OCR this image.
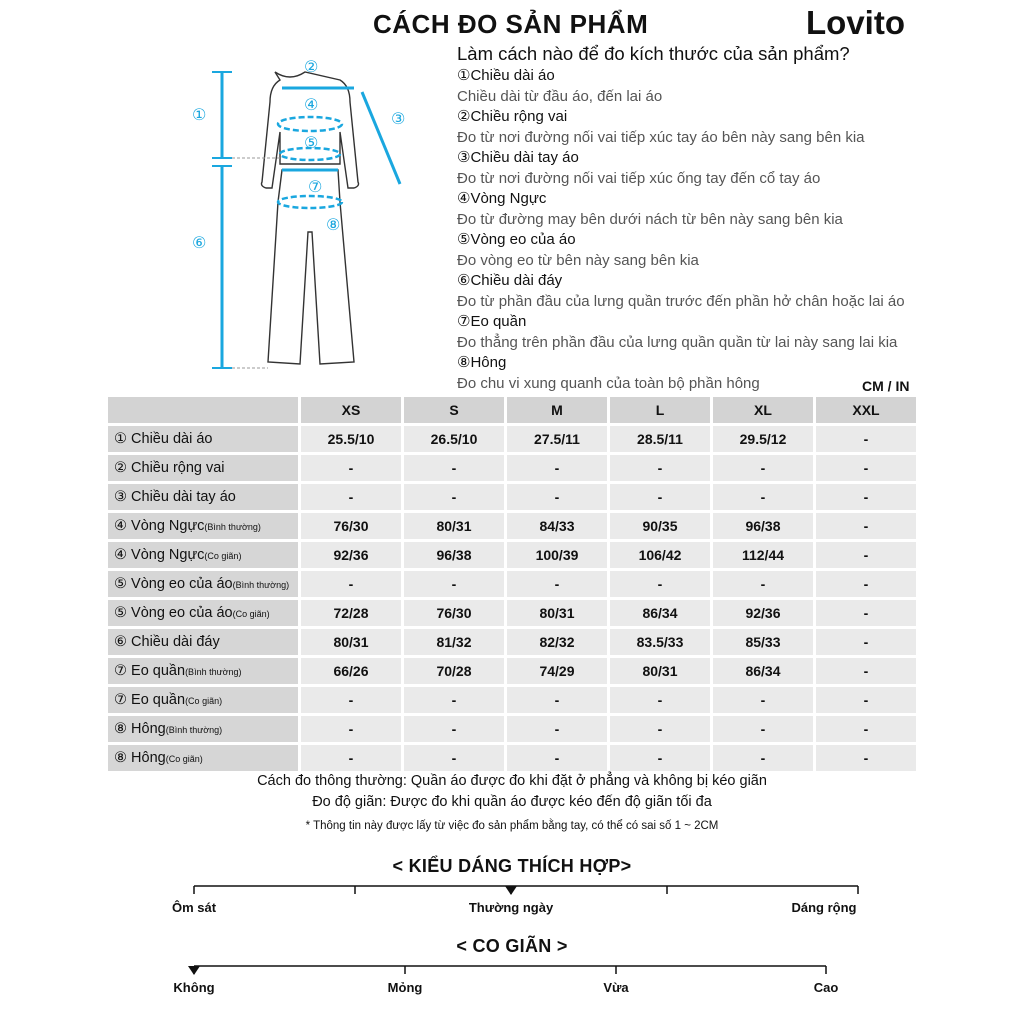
CÁCH ĐO SẢN PHẨM	Lovito
①
②
③
④
⑤
⑥
⑦
⑧
Làm cách nào để đo kích thước của sản phẩm?
①Chiều dài áo
Chiều dài từ đầu áo, đến lai áo
②Chiều rộng vai
Đo từ nơi đường nối vai tiếp xúc tay áo bên này sang bên kia
③Chiều dài tay áo
Đo từ nơi đường nối vai tiếp xúc ống tay đến cổ tay áo
④Vòng Ngực
Đo từ đường may bên dưới nách từ bên này sang bên kia
⑤Vòng eo của áo
Đo vòng eo từ bên này sang bên kia
⑥Chiều dài đáy
Đo từ phần đầu của lưng quần trước đến phần hở chân hoặc lai áo
⑦Eo quần
Đo thẳng trên phần đầu của lưng quần quần từ lai này sang lai kia
⑧Hông
Đo chu vi xung quanh của toàn bộ phần hông	CM / IN
	XS	S	M	L	XL	XXL
① Chiều dài áo	25.5/10	26.5/10	27.5/11	28.5/11	29.5/12	-
② Chiều rộng vai	-	-	-	-	-	-
③ Chiều dài tay áo	-	-	-	-	-	-
④ Vòng Ngực(Bình thường)	76/30	80/31	84/33	90/35	96/38	-
④ Vòng Ngực(Co giãn)	92/36	96/38	100/39	106/42	112/44	-
⑤ Vòng eo của áo(Bình thường)	-	-	-	-	-	-
⑤ Vòng eo của áo(Co giãn)	72/28	76/30	80/31	86/34	92/36	-
⑥ Chiều dài đáy	80/31	81/32	82/32	83.5/33	85/33	-
⑦ Eo quần(Bình thường)	66/26	70/28	74/29	80/31	86/34	-
⑦ Eo quần(Co giãn)	-	-	-	-	-	-
⑧ Hông(Bình thường)	-	-	-	-	-	-
⑧ Hông(Co giãn)	-	-	-	-	-	-
Cách đo thông thường: Quần áo được đo khi đặt ở phẳng và không bị kéo giãn
Đo độ giãn: Được đo khi quần áo được kéo đến độ giãn tối đa
* Thông tin này được lấy từ việc đo sản phẩm bằng tay, có thể có sai số 1 ~ 2CM
< KIỂU DÁNG THÍCH HỢP>
Ôm sát	Thường ngày	Dáng rộng
< CO GIÃN >
Không	Mỏng	Vừa	Cao
